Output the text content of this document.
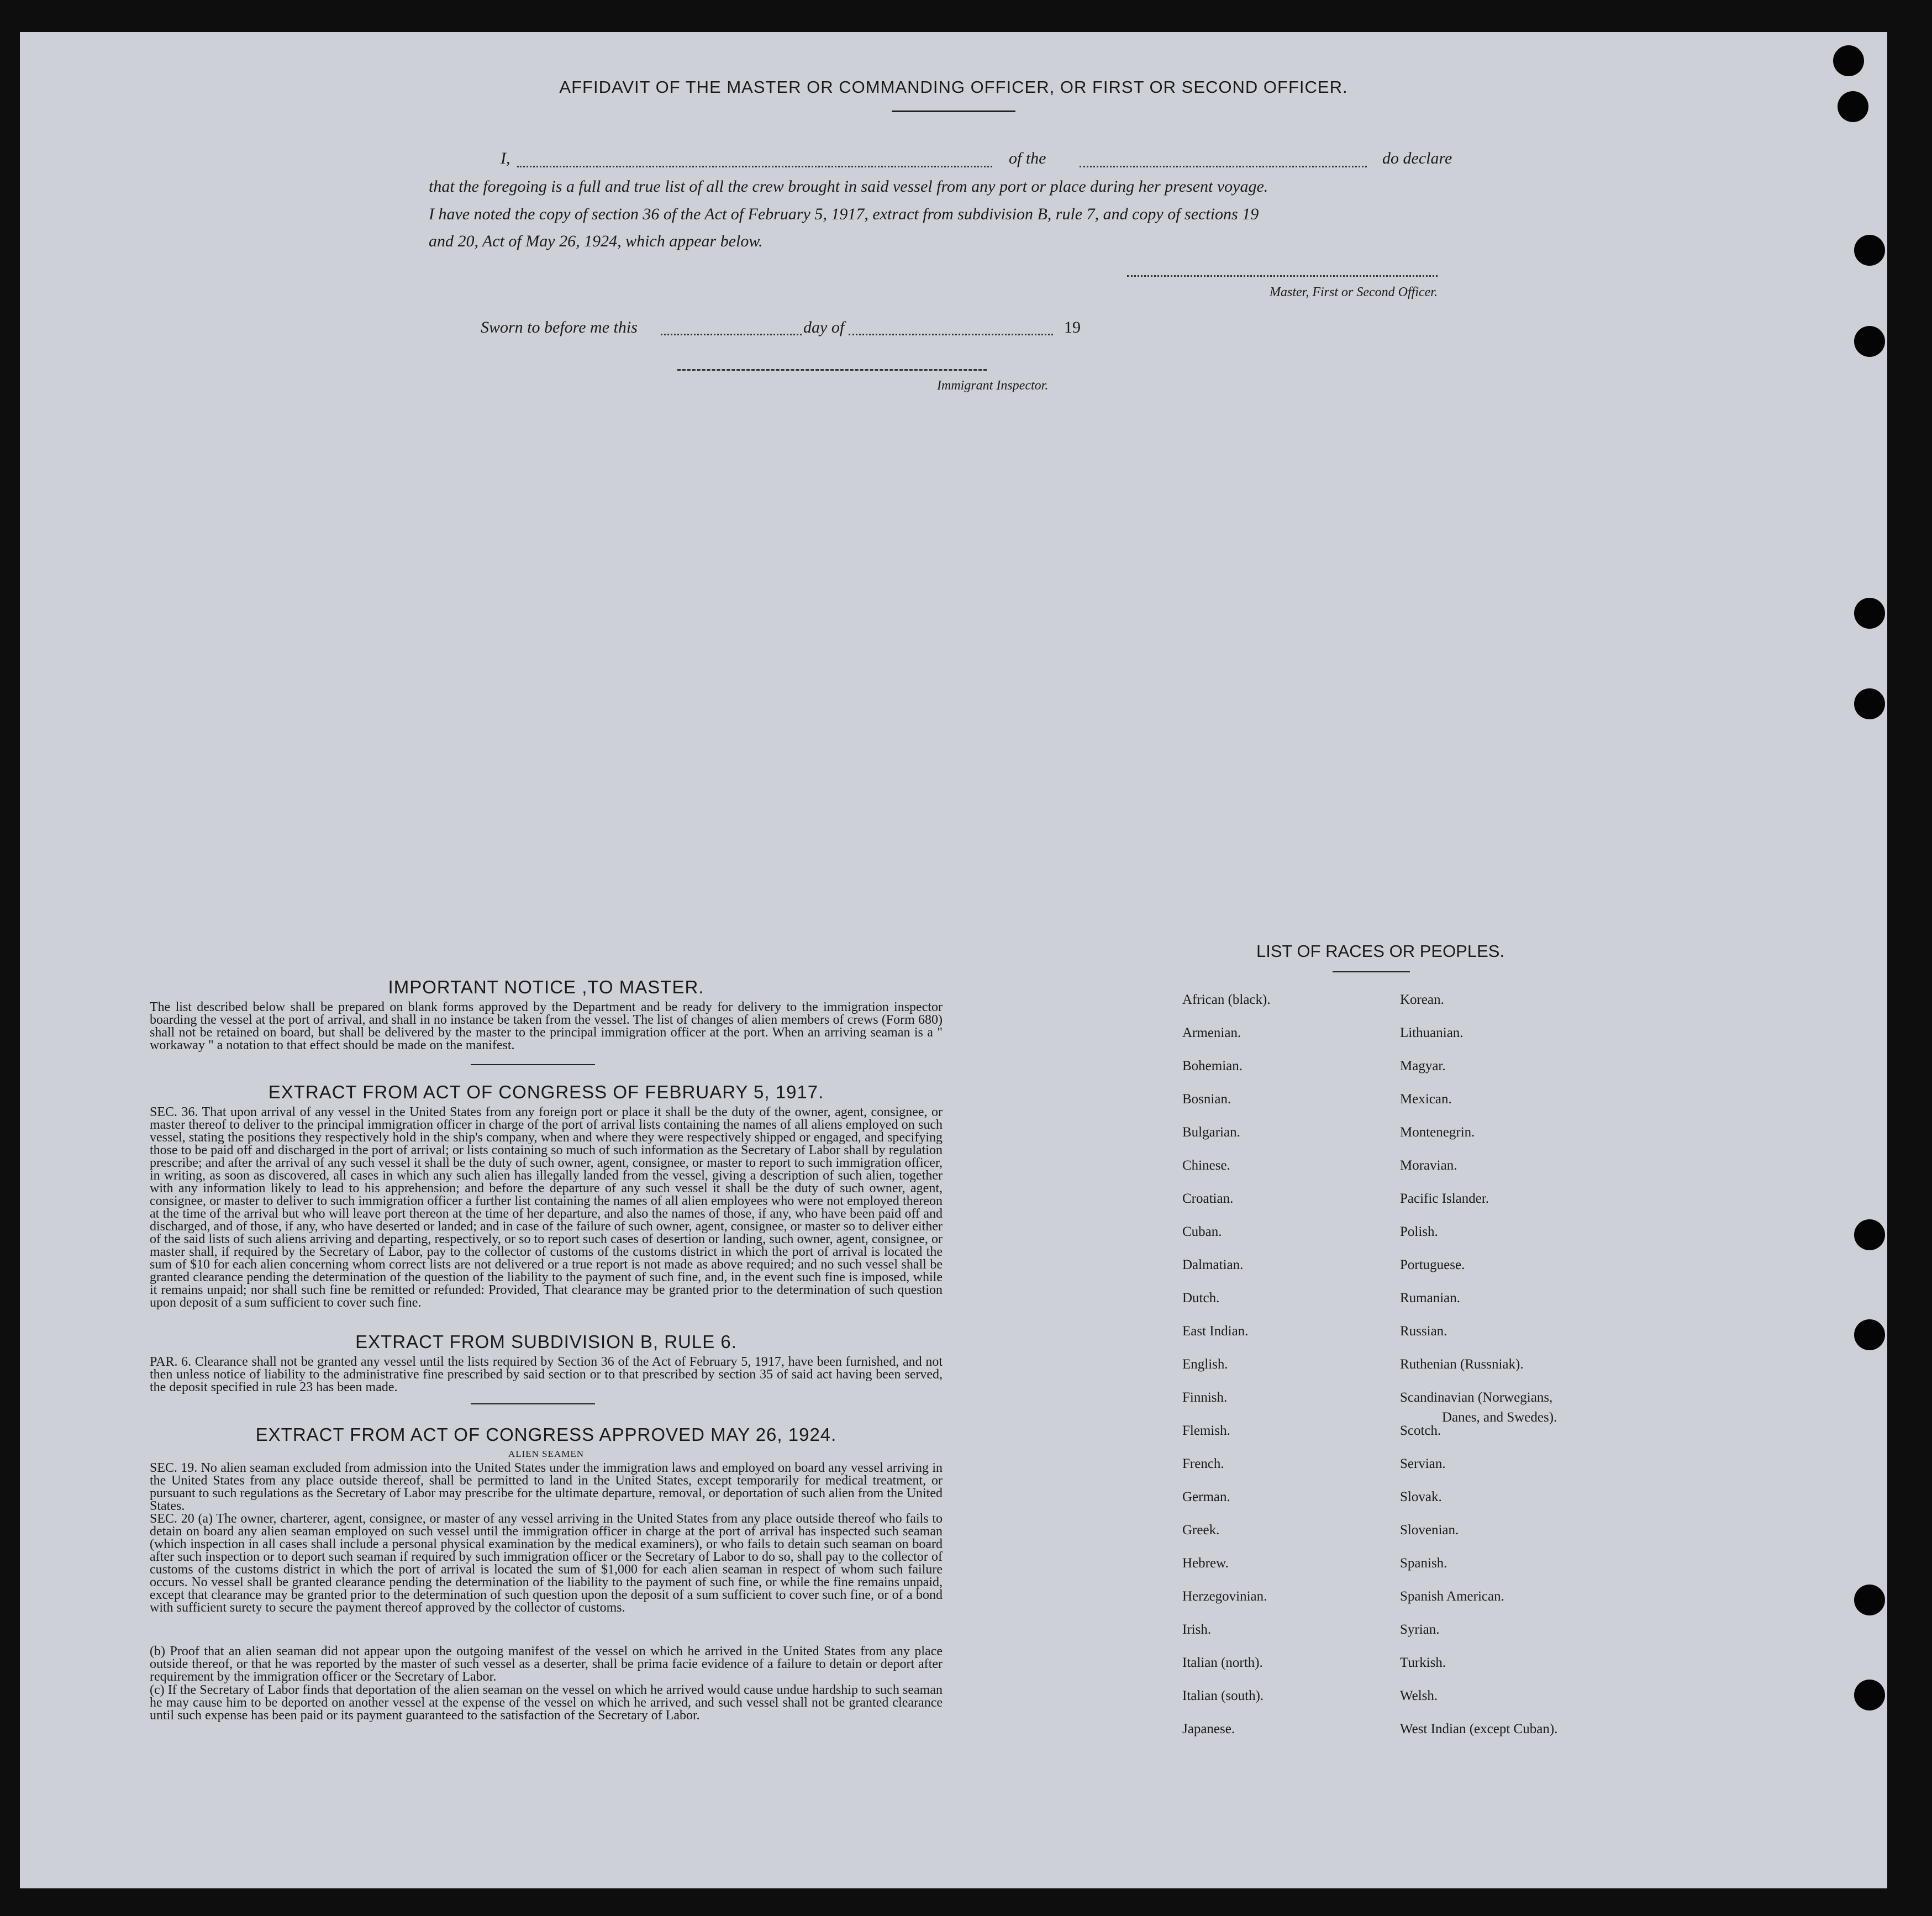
AFFIDAVIT OF THE MASTER OR COMMANDING OFFICER, OR FIRST OR SECOND OFFICER.
I,	of the	do declare
that the foregoing is a full and true list of all the crew brought in said vessel from any port or place during her present voyage.
I have noted the copy of section 36 of the Act of February 5, 1917, extract from subdivision B, rule 7, and copy of sections 19
and 20, Act of May 26, 1924, which appear below.
Master, First or Second Officer.
Sworn to before me this	day of	19
Immigrant Inspector.
IMPORTANT NOTICE ,TO MASTER.
The list described below shall be prepared on blank forms approved by the Department and be ready for delivery to the immigration inspector boarding the vessel at the port of arrival, and shall in no instance be taken from the vessel. The list of changes of alien members of crews (Form 680) shall not be retained on board, but shall be delivered by the master to the principal immigration officer at the port. When an arriving seaman is a " workaway " a notation to that effect should be made on the manifest.
EXTRACT FROM ACT OF CONGRESS OF FEBRUARY 5, 1917.
SEC. 36. That upon arrival of any vessel in the United States from any foreign port or place it shall be the duty of the owner, agent, consignee, or master thereof to deliver to the principal immigration officer in charge of the port of arrival lists containing the names of all aliens employed on such vessel, stating the positions they respectively hold in the ship's company, when and where they were respectively shipped or engaged, and specifying those to be paid off and discharged in the port of arrival; or lists containing so much of such information as the Secretary of Labor shall by regulation prescribe; and after the arrival of any such vessel it shall be the duty of such owner, agent, consignee, or master to report to such immigration officer, in writing, as soon as discovered, all cases in which any such alien has illegally landed from the vessel, giving a description of such alien, together with any information likely to lead to his apprehension; and before the departure of any such vessel it shall be the duty of such owner, agent, consignee, or master to deliver to such immigration officer a further list containing the names of all alien employees who were not employed thereon at the time of the arrival but who will leave port thereon at the time of her departure, and also the names of those, if any, who have been paid off and discharged, and of those, if any, who have deserted or landed; and in case of the failure of such owner, agent, consignee, or master so to deliver either of the said lists of such aliens arriving and departing, respectively, or so to report such cases of desertion or landing, such owner, agent, consignee, or master shall, if required by the Secretary of Labor, pay to the collector of customs of the customs district in which the port of arrival is located the sum of $10 for each alien concerning whom correct lists are not delivered or a true report is not made as above required; and no such vessel shall be granted clearance pending the determination of the question of the liability to the payment of such fine, and, in the event such fine is imposed, while it remains unpaid; nor shall such fine be remitted or refunded: Provided, That clearance may be granted prior to the determination of such question upon deposit of a sum sufficient to cover such fine.
EXTRACT FROM SUBDIVISION B, RULE 6.
PAR. 6. Clearance shall not be granted any vessel until the lists required by Section 36 of the Act of February 5, 1917, have been furnished, and not then unless notice of liability to the administrative fine prescribed by said section or to that prescribed by section 35 of said act having been served, the deposit specified in rule 23 has been made.
EXTRACT FROM ACT OF CONGRESS APPROVED MAY 26, 1924.
ALIEN SEAMEN
SEC. 19. No alien seaman excluded from admission into the United States under the immigration laws and employed on board any vessel arriving in the United States from any place outside thereof, shall be permitted to land in the United States, except temporarily for medical treatment, or pursuant to such regulations as the Secretary of Labor may prescribe for the ultimate departure, removal, or deportation of such alien from the United States.
SEC. 20 (a) The owner, charterer, agent, consignee, or master of any vessel arriving in the United States from any place outside thereof who fails to detain on board any alien seaman employed on such vessel until the immigration officer in charge at the port of arrival has inspected such seaman (which inspection in all cases shall include a personal physical examination by the medical examiners), or who fails to detain such seaman on board after such inspection or to deport such seaman if required by such immigration officer or the Secretary of Labor to do so, shall pay to the collector of customs of the customs district in which the port of arrival is located the sum of $1,000 for each alien seaman in respect of whom such failure occurs. No vessel shall be granted clearance pending the determination of the liability to the payment of such fine, or while the fine remains unpaid, except that clearance may be granted prior to the determination of such question upon the deposit of a sum sufficient to cover such fine, or of a bond with sufficient surety to secure the payment thereof approved by the collector of customs.
(b) Proof that an alien seaman did not appear upon the outgoing manifest of the vessel on which he arrived in the United States from any place outside thereof, or that he was reported by the master of such vessel as a deserter, shall be prima facie evidence of a failure to detain or deport after requirement by the immigration officer or the Secretary of Labor.
(c) If the Secretary of Labor finds that deportation of the alien seaman on the vessel on which he arrived would cause undue hardship to such seaman he may cause him to be deported on another vessel at the expense of the vessel on which he arrived, and such vessel shall not be granted clearance until such expense has been paid or its payment guaranteed to the satisfaction of the Secretary of Labor.
LIST OF RACES OR PEOPLES.
African (black).
Armenian.
Bohemian.
Bosnian.
Bulgarian.
Chinese.
Croatian.
Cuban.
Dalmatian.
Dutch.
East Indian.
English.
Finnish.
Flemish.
French.
German.
Greek.
Hebrew.
Herzegovinian.
Irish.
Italian (north).
Italian (south).
Japanese.
Korean.
Lithuanian.
Magyar.
Mexican.
Montenegrin.
Moravian.
Pacific Islander.
Polish.
Portuguese.
Rumanian.
Russian.
Ruthenian (Russniak).
Scandinavian (Norwegians,
Scotch.
Servian.
Slovak.
Slovenian.
Spanish.
Spanish American.
Syrian.
Turkish.
Welsh.
West Indian (except Cuban).
Danes, and Swedes).
